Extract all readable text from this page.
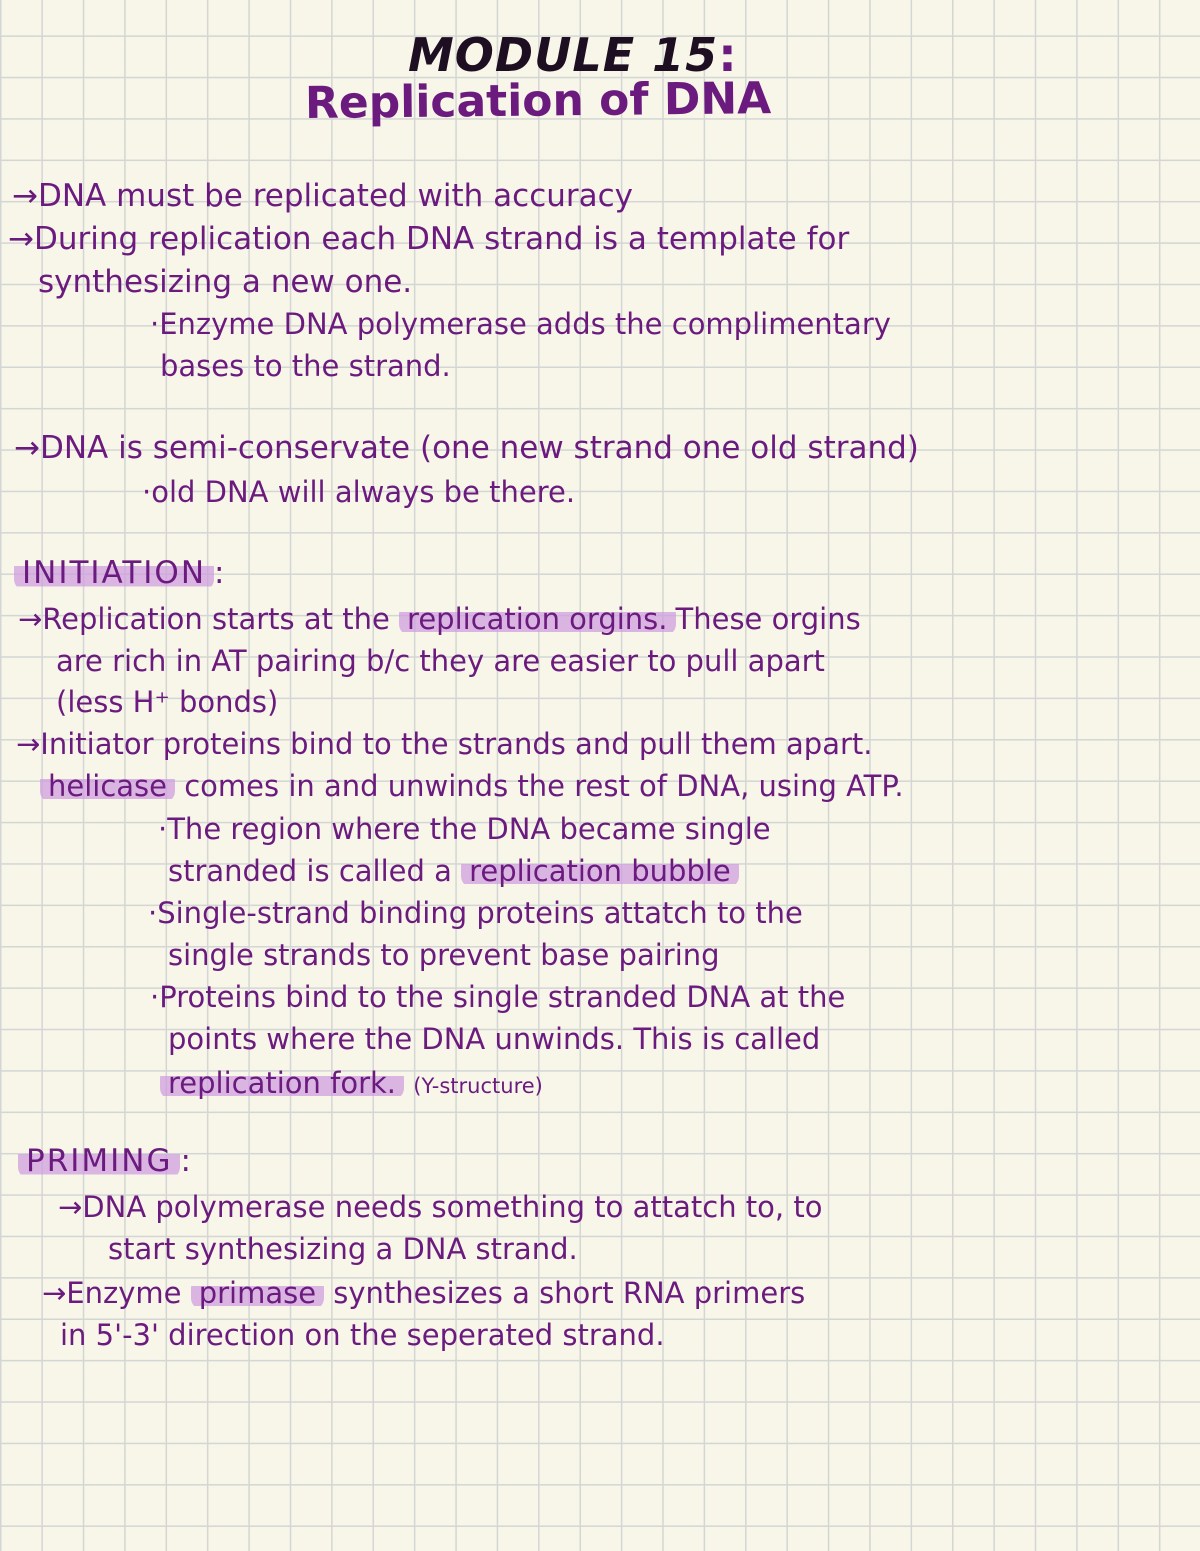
MODULE 15:
Replication of DNA
→DNA must be replicated with accuracy
→During replication each DNA strand is a template for
synthesizing a new one.
·Enzyme DNA polymerase adds the complimentary
bases to the strand.
→DNA is semi-conservate (one new strand one old strand)
·old DNA will always be there.
INITIATION :
→Replication starts at the replication orgins. These orgins
are rich in AT pairing b/c they are easier to pull apart
(less H⁺ bonds)
→Initiator proteins bind to the strands and pull them apart.
helicase comes in and unwinds the rest of DNA, using ATP.
·The region where the DNA became single
stranded is called a replication bubble
·Single-strand binding proteins attatch to the
single strands to prevent base pairing
·Proteins bind to the single stranded DNA at the
points where the DNA unwinds. This is called
replication fork. (Y-structure)
PRIMING :
→DNA polymerase needs something to attatch to, to
start synthesizing a DNA strand.
→Enzyme primase synthesizes a short RNA primers
in 5'-3' direction on the seperated strand.
